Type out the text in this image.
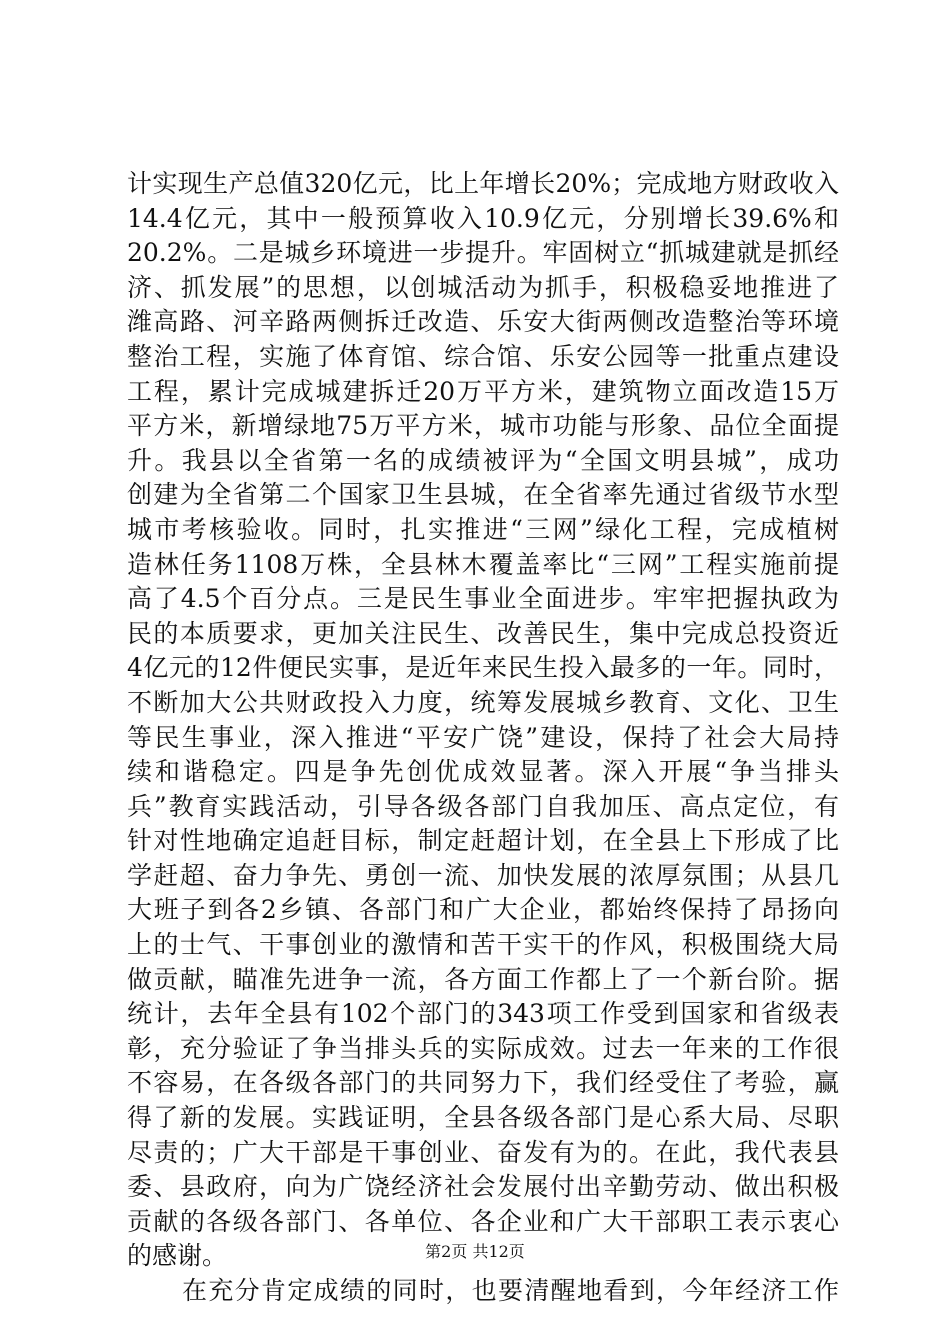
计实现生产总值320亿元，比上年增长20%；完成地方财政收入
14.4亿元，其中一般预算收入10.9亿元，分别增长39.6%和
20.2%。二是城乡环境进一步提升。牢固树立“抓城建就是抓经
济、抓发展”的思想，以创城活动为抓手，积极稳妥地推进了
潍高路、河辛路两侧拆迁改造、乐安大街两侧改造整治等环境
整治工程，实施了体育馆、综合馆、乐安公园等一批重点建设
工程，累计完成城建拆迁20万平方米，建筑物立面改造15万
平方米，新增绿地75万平方米，城市功能与形象、品位全面提
升。我县以全省第一名的成绩被评为“全国文明县城”，成功
创建为全省第二个国家卫生县城，在全省率先通过省级节水型
城市考核验收。同时，扎实推进“三网”绿化工程，完成植树
造林任务1108万株，全县林木覆盖率比“三网”工程实施前提
高了4.5个百分点。三是民生事业全面进步。牢牢把握执政为
民的本质要求，更加关注民生、改善民生，集中完成总投资近
4亿元的12件便民实事，是近年来民生投入最多的一年。同时，
不断加大公共财政投入力度，统筹发展城乡教育、文化、卫生
等民生事业，深入推进“平安广饶”建设，保持了社会大局持
续和谐稳定。四是争先创优成效显著。深入开展“争当排头
兵”教育实践活动，引导各级各部门自我加压、高点定位，有
针对性地确定追赶目标，制定赶超计划，在全县上下形成了比
学赶超、奋力争先、勇创一流、加快发展的浓厚氛围；从县几
大班子到各2乡镇、各部门和广大企业，都始终保持了昂扬向
上的士气、干事创业的激情和苦干实干的作风，积极围绕大局
做贡献，瞄准先进争一流，各方面工作都上了一个新台阶。据
统计，去年全县有102个部门的343项工作受到国家和省级表
彰，充分验证了争当排头兵的实际成效。过去一年来的工作很
不容易，在各级各部门的共同努力下，我们经受住了考验，赢
得了新的发展。实践证明，全县各级各部门是心系大局、尽职
尽责的；广大干部是干事创业、奋发有为的。在此，我代表县
委、县政府，向为广饶经济社会发展付出辛勤劳动、做出积极
贡献的各级各部门、各单位、各企业和广大干部职工表示衷心
的感谢。
在充分肯定成绩的同时，也要清醒地看到，今年经济工作
第2页 共12页
